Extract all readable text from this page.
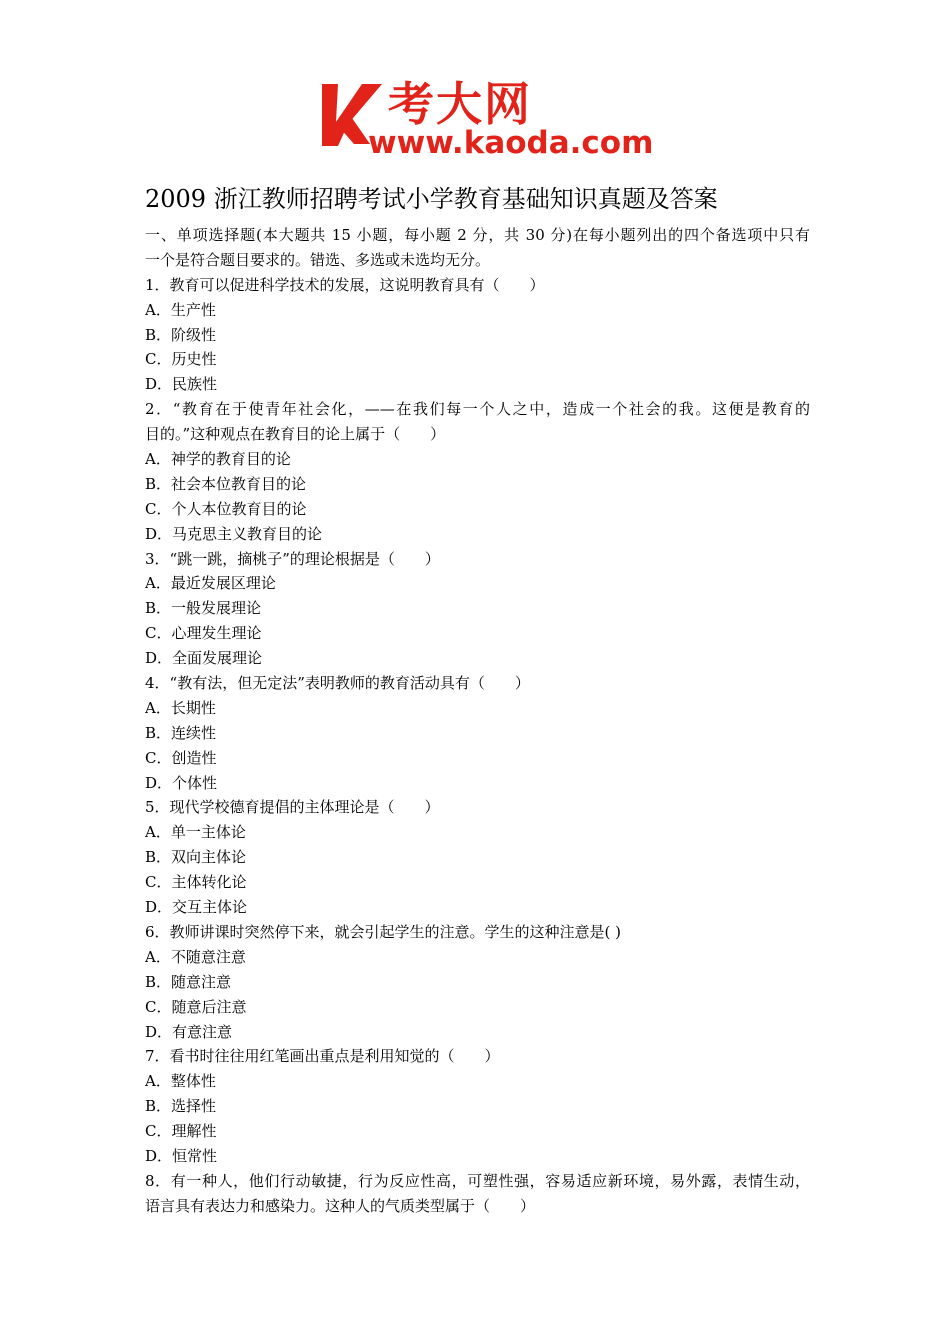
考大网
www.kaoda.com
2009 浙江教师招聘考试小学教育基础知识真题及答案
一、单项选择题(本大题共 15 小题，每小题 2 分，共 30 分)在每小题列出的四个备选项中只有
一个是符合题目要求的。错选、多选或未选均无分。
1．教育可以促进科学技术的发展，这说明教育具有（　　）
A．生产性
B．阶级性
C．历史性
D．民族性
2．“教育在于使青年社会化，——在我们每一个人之中，造成一个社会的我。这便是教育的
目的。”这种观点在教育目的论上属于（　　）
A．神学的教育目的论
B．社会本位教育目的论
C．个人本位教育目的论
D．马克思主义教育目的论
3．“跳一跳，摘桃子”的理论根据是（　　）
A．最近发展区理论
B．一般发展理论
C．心理发生理论
D．全面发展理论
4．“教有法，但无定法”表明教师的教育活动具有（　　）
A．长期性
B．连续性
C．创造性
D．个体性
5．现代学校德育提倡的主体理论是（　　）
A．单一主体论
B．双向主体论
C．主体转化论
D．交互主体论
6．教师讲课时突然停下来，就会引起学生的注意。学生的这种注意是( )
A．不随意注意
B．随意注意
C．随意后注意
D．有意注意
7．看书时往往用红笔画出重点是利用知觉的（　　）
A．整体性
B．选择性
C．理解性
D．恒常性
8．有一种人，他们行动敏捷，行为反应性高，可塑性强，容易适应新环境，易外露，表情生动，
语言具有表达力和感染力。这种人的气质类型属于（　　）
